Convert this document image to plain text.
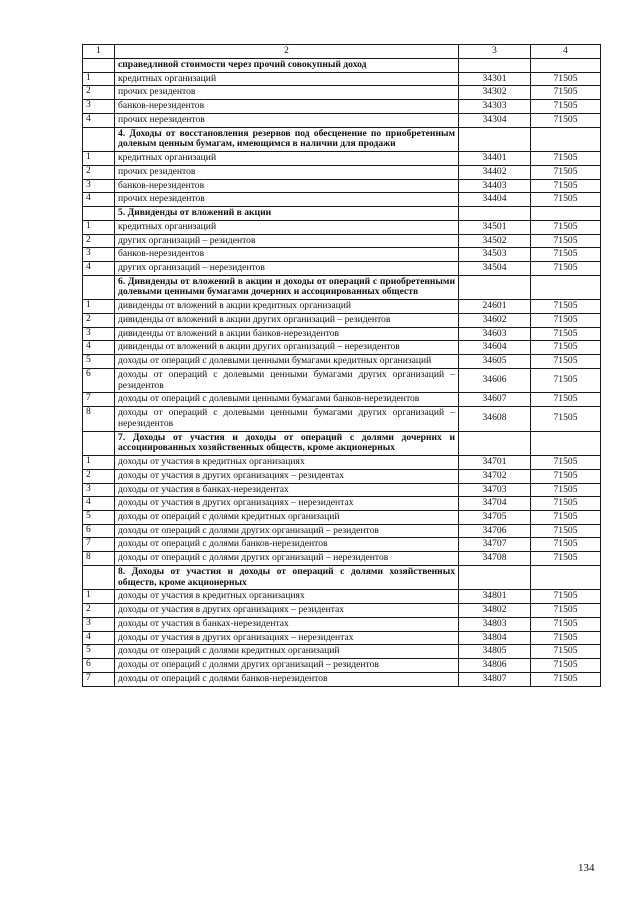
1	2	3	4
	справедливой стоимости через прочий совокупный доход		
1	кредитных организаций	34301	71505
2	прочих резидентов	34302	71505
3	банков-нерезидентов	34303	71505
4	прочих нерезидентов	34304	71505
	4. Доходы от восстановления резервов под обесценение по приобретенным долевым ценным бумагам, имеющимся в наличии для продажи		
1	кредитных организаций	34401	71505
2	прочих резидентов	34402	71505
3	банков-нерезидентов	34403	71505
4	прочих нерезидентов	34404	71505
	5. Дивиденды от вложений в акции		
1	кредитных организаций	34501	71505
2	других организаций – резидентов	34502	71505
3	банков-нерезидентов	34503	71505
4	других организаций – нерезидентов	34504	71505
	6. Дивиденды от вложений в акции и доходы от операций с приобретенными долевыми ценными бумагами дочерних и ассоциированных обществ		
1	дивиденды от вложений в акции кредитных организаций	24601	71505
2	дивиденды от вложений в акции других организаций – резидентов	34602	71505
3	дивиденды от вложений в акции банков-нерезидентов	34603	71505
4	дивиденды от вложений в акции других организаций – нерезидентов	34604	71505
5	доходы от операций с долевыми ценными бумагами кредитных организаций	34605	71505
6	доходы от операций с долевыми ценными бумагами других организаций – резидентов	34606	71505
7	доходы от операций с долевыми ценными бумагами банков-нерезидентов	34607	71505
8	доходы от операций с долевыми ценными бумагами других организаций – нерезидентов	34608	71505
	7. Доходы от участия и доходы от операций с долями дочерних и ассоциированных хозяйственных обществ, кроме акционерных		
1	доходы от участия в кредитных организациях	34701	71505
2	доходы от участия в других организациях – резидентах	34702	71505
3	доходы от участия в банках-нерезидентах	34703	71505
4	доходы от участия в других организациях – нерезидентах	34704	71505
5	доходы от операций с долями кредитных организаций	34705	71505
6	доходы от операций с долями других организаций – резидентов	34706	71505
7	доходы от операций с долями банков-нерезидентов	34707	71505
8	доходы от операций с долями других организаций – нерезидентов	34708	71505
	8. Доходы от участия и доходы от операций с долями хозяйственных обществ, кроме акционерных		
1	доходы от участия в кредитных организациях	34801	71505
2	доходы от участия в других организациях – резидентах	34802	71505
3	доходы от участия в банках-нерезидентах	34803	71505
4	доходы от участия в других организациях – нерезидентах	34804	71505
5	доходы от операций с долями кредитных организаций	34805	71505
6	доходы от операций с долями других организаций – резидентов	34806	71505
7	доходы от операций с долями банков-нерезидентов	34807	71505
134
